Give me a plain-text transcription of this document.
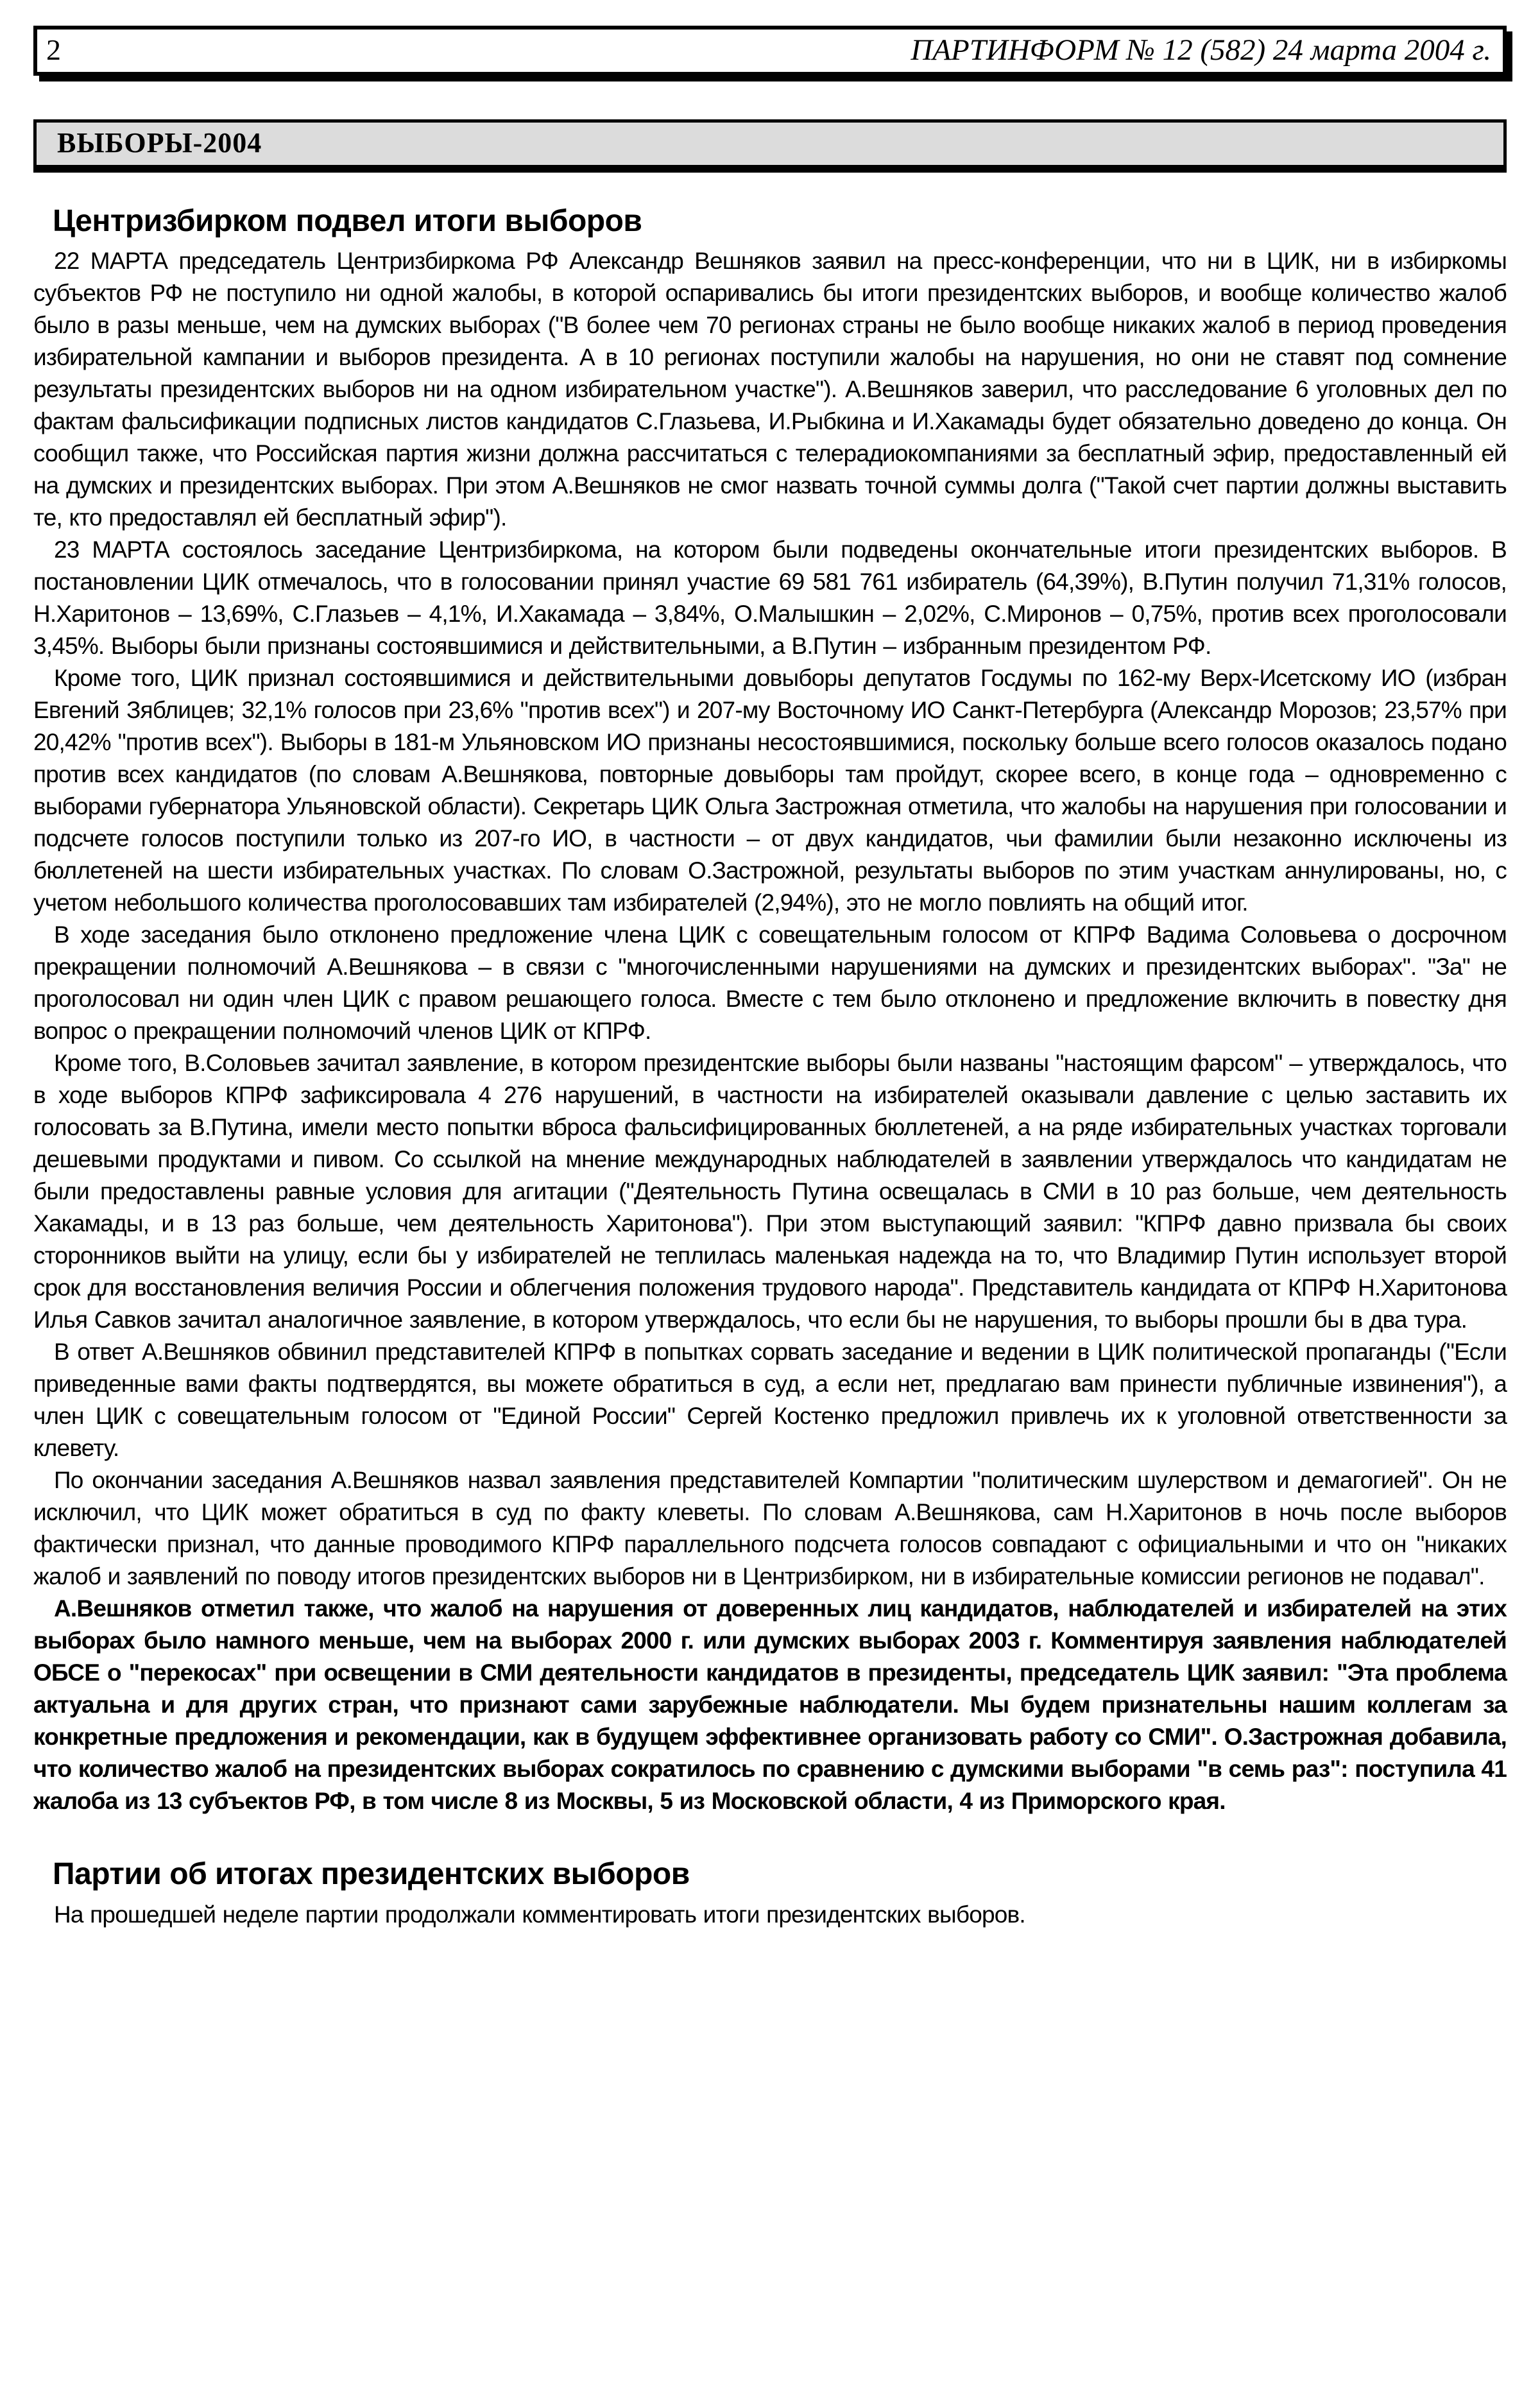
2	ПАРТИНФОРМ № 12 (582) 24 марта 2004 г.
ВЫБОРЫ-2004
Центризбирком подвел итоги выборов

22 МАРТА председатель Центризбиркома РФ Александр Вешняков заявил на пресс-конференции, что ни в ЦИК, ни в избиркомы субъектов РФ не поступило ни одной жалобы, в которой оспаривались бы итоги президентских выборов, и вообще количество жалоб было в разы меньше, чем на думских выборах ("В более чем 70 регионах страны не было вообще никаких жалоб в период проведения избирательной кампании и выборов президента. А в 10 регионах поступили жалобы на нарушения, но они не ставят под сомнение результаты президентских выборов ни на одном избирательном участке"). А.Вешняков заверил, что расследование 6 уголовных дел по фактам фальсификации подписных листов кандидатов С.Глазьева, И.Рыбкина и И.Хакамады будет обязательно доведено до конца. Он сообщил также, что Российская партия жизни должна рассчитаться с телерадиокомпаниями за бесплатный эфир, предоставленный ей на думских и президентских выборах. При этом А.Вешняков не смог назвать точной суммы долга ("Такой счет партии должны выставить те, кто предоставлял ей бесплатный эфир").

23 МАРТА состоялось заседание Центризбиркома, на котором были подведены окончательные итоги президентских выборов. В постановлении ЦИК отмечалось, что в голосовании принял участие 69 581 761 избиратель (64,39%), В.Путин получил 71,31% голосов, Н.Харитонов – 13,69%, С.Глазьев – 4,1%, И.Хакамада – 3,84%, О.Малышкин – 2,02%, С.Миронов – 0,75%, против всех проголосовали 3,45%. Выборы были признаны состоявшимися и действительными, а В.Путин – избранным президентом РФ.

Кроме того, ЦИК признал состоявшимися и действительными довыборы депутатов Госдумы по 162-му Верх-Исетскому ИО (избран Евгений Зяблицев; 32,1% голосов при 23,6% "против всех") и 207-му Восточному ИО Санкт-Петербурга (Александр Морозов; 23,57% при 20,42% "против всех"). Выборы в 181-м Ульяновском ИО признаны несостоявшимися, поскольку больше всего голосов оказалось подано против всех кандидатов (по словам А.Вешнякова, повторные довыборы там пройдут, скорее всего, в конце года – одновременно с выборами губернатора Ульяновской области). Секретарь ЦИК Ольга Застрожная отметила, что жалобы на нарушения при голосовании и подсчете голосов поступили только из 207-го ИО, в частности – от двух кандидатов, чьи фамилии были незаконно исключены из бюллетеней на шести избирательных участках. По словам О.Застрожной, результаты выборов по этим участкам аннулированы, но, с учетом небольшого количества проголосовавших там избирателей (2,94%), это не могло повлиять на общий итог.

В ходе заседания было отклонено предложение члена ЦИК с совещательным голосом от КПРФ Вадима Соловьева о досрочном прекращении полномочий А.Вешнякова – в связи с "многочисленными нарушениями на думских и президентских выборах". "За" не проголосовал ни один член ЦИК с правом решающего голоса. Вместе с тем было отклонено и предложение включить в повестку дня вопрос о прекращении полномочий членов ЦИК от КПРФ.

Кроме того, В.Соловьев зачитал заявление, в котором президентские выборы были названы "настоящим фарсом" – утверждалось, что в ходе выборов КПРФ зафиксировала 4 276 нарушений, в частности на избирателей оказывали давление с целью заставить их голосовать за В.Путина, имели место попытки вброса фальсифицированных бюллетеней, а на ряде избирательных участках торговали дешевыми продуктами и пивом. Со ссылкой на мнение международных наблюдателей в заявлении утверждалось что кандидатам не были предоставлены равные условия для агитации ("Деятельность Путина освещалась в СМИ в 10 раз больше, чем деятельность Хакамады, и в 13 раз больше, чем деятельность Харитонова"). При этом выступающий заявил: "КПРФ давно призвала бы своих сторонников выйти на улицу, если бы у избирателей не теплилась маленькая надежда на то, что Владимир Путин использует второй срок для восстановления величия России и облегчения положения трудового народа". Представитель кандидата от КПРФ Н.Харитонова Илья Савков зачитал аналогичное заявление, в котором утверждалось, что если бы не нарушения, то выборы прошли бы в два тура.

В ответ А.Вешняков обвинил представителей КПРФ в попытках сорвать заседание и ведении в ЦИК политической пропаганды ("Если приведенные вами факты подтвердятся, вы можете обратиться в суд, а если нет, предлагаю вам принести публичные извинения"), а член ЦИК с совещательным голосом от "Единой России" Сергей Костенко предложил привлечь их к уголовной ответственности за клевету.

По окончании заседания А.Вешняков назвал заявления представителей Компартии "политическим шулерством и демагогией". Он не исключил, что ЦИК может обратиться в суд по факту клеветы. По словам А.Вешнякова, сам Н.Харитонов в ночь после выборов фактически признал, что данные проводимого КПРФ параллельного подсчета голосов совпадают с официальными и что он "никаких жалоб и заявлений по поводу итогов президентских выборов ни в Центризбирком, ни в избирательные комиссии регионов не подавал".

А.Вешняков отметил также, что жалоб на нарушения от доверенных лиц кандидатов, наблюдателей и избирателей на этих выборах было намного меньше, чем на выборах 2000 г. или думских выборах 2003 г. Комментируя заявления наблюдателей ОБСЕ о "перекосах" при освещении в СМИ деятельности кандидатов в президенты, председатель ЦИК заявил: "Эта проблема актуальна и для других стран, что признают сами зарубежные наблюдатели. Мы будем признательны нашим коллегам за конкретные предложения и рекомендации, как в будущем эффективнее организовать работу со СМИ". О.Застрожная добавила, что количество жалоб на президентских выборах сократилось по сравнению с думскими выборами "в семь раз": поступила 41 жалоба из 13 субъектов РФ, в том числе 8 из Москвы, 5 из Московской области, 4 из Приморского края.

Партии об итогах президентских выборов

На прошедшей неделе партии продолжали комментировать итоги президентских выборов.
